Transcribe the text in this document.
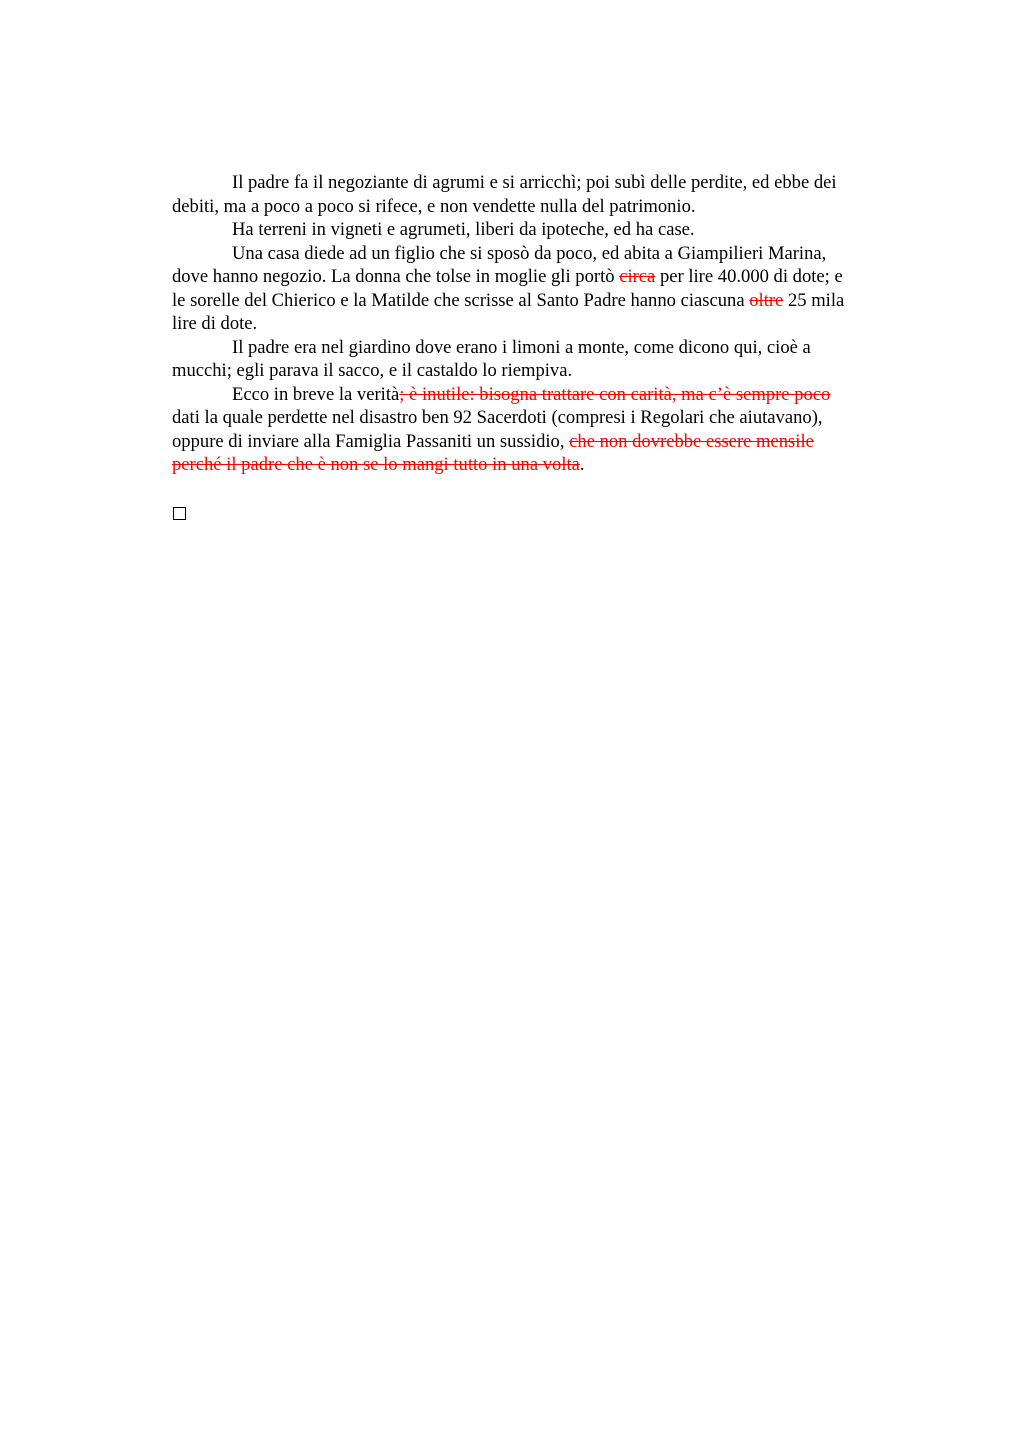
Il padre fa il negoziante di agrumi e si arricchì; poi subì delle perdite, ed ebbe dei
debiti, ma a poco a poco si rifece, e non vendette nulla del patrimonio.
Ha terreni in vigneti e agrumeti, liberi da ipoteche, ed ha case.
Una casa diede ad un figlio che si sposò da poco, ed abita a Giampilieri Marina,
dove hanno negozio. La donna che tolse in moglie gli portò circa per lire 40.000 di dote; e
le sorelle del Chierico e la Matilde che scrisse al Santo Padre hanno ciascuna oltre 25 mila
lire di dote.
Il padre era nel giardino dove erano i limoni a monte, come dicono qui, cioè a
mucchi; egli parava il sacco, e il castaldo lo riempiva.
Ecco in breve la verità; è inutile: bisogna trattare con carità, ma c’è sempre poco
dati la quale perdette nel disastro ben 92 Sacerdoti (compresi i Regolari che aiutavano),
oppure di inviare alla Famiglia Passaniti un sussidio, che non dovrebbe essere mensile
perché il padre che è non se lo mangi tutto in una volta.
